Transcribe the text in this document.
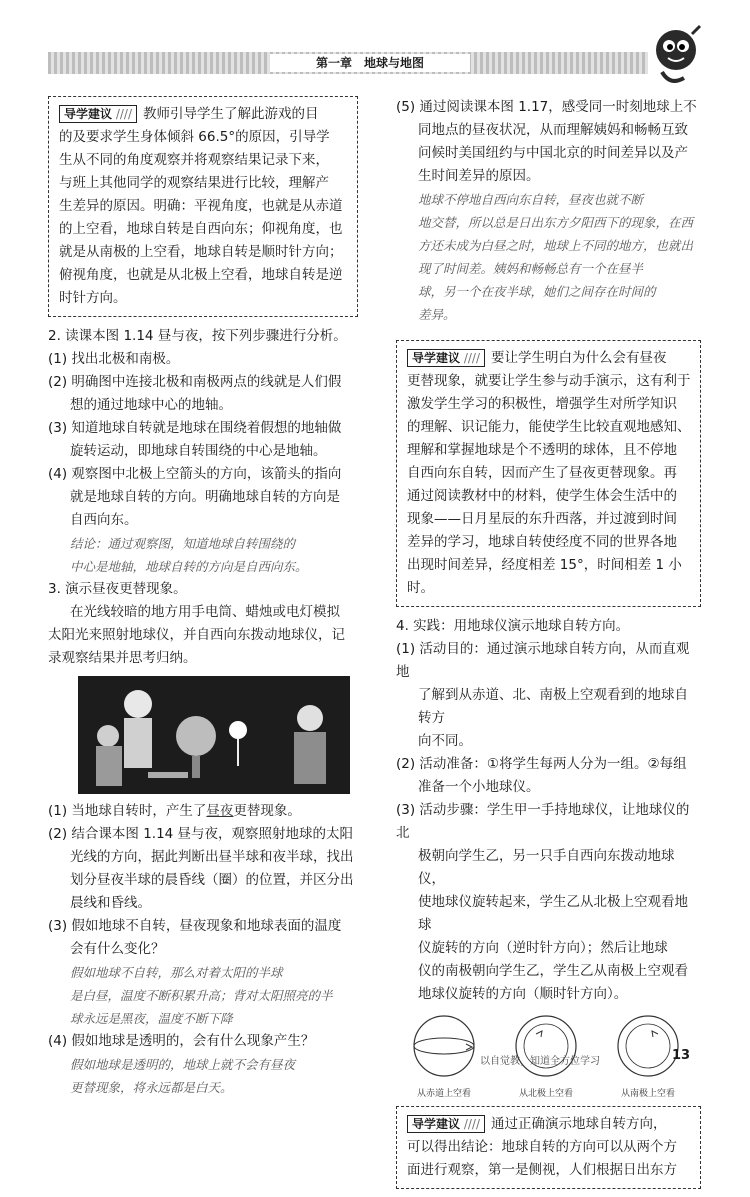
第一章　地球与地图
导学建议 //// 教师引导学生了解此游戏的目
的及要求学生身体倾斜 66.5°的原因，引导学
生从不同的角度观察并将观察结果记录下来，
与班上其他同学的观察结果进行比较，理解产
生差异的原因。明确：平视角度，也就是从赤道
的上空看，地球自转是自西向东；仰视角度，也
就是从南极的上空看，地球自转是顺时针方向；
俯视角度，也就是从北极上空看，地球自转是逆
时针方向。
2. 读课本图 1.14 昼与夜，按下列步骤进行分析。
(1) 找出北极和南极。
(2) 明确图中连接北极和南极两点的线就是人们假
想的通过地球中心的地轴。
(3) 知道地球自转就是地球在围绕着假想的地轴做
旋转运动，即地球自转围绕的中心是地轴。
(4) 观察图中北极上空箭头的方向，该箭头的指向
就是地球自转的方向。明确地球自转的方向是
自西向东。
结论：通过观察图，知道地球自转围绕的
中心是地轴，地球自转的方向是自西向东。
3. 演示昼夜更替现象。
在光线较暗的地方用手电筒、蜡烛或电灯模拟
太阳光来照射地球仪，并自西向东拨动地球仪，记
录观察结果并思考归纳。
(1) 当地球自转时，产生了昼夜更替现象。
(2) 结合课本图 1.14 昼与夜，观察照射地球的太阳
光线的方向，据此判断出昼半球和夜半球，找出
划分昼夜半球的晨昏线（圈）的位置，并区分出
晨线和昏线。
(3) 假如地球不自转，昼夜现象和地球表面的温度
会有什么变化？
假如地球不自转，那么对着太阳的半球
是白昼，温度不断积累升高；背对太阳照亮的半
球永远是黑夜，温度不断下降
(4) 假如地球是透明的，会有什么现象产生？
假如地球是透明的，地球上就不会有昼夜
更替现象，将永远都是白天。
(5) 通过阅读课本图 1.17，感受同一时刻地球上不
同地点的昼夜状况，从而理解姨妈和畅畅互致
问候时美国纽约与中国北京的时间差异以及产
生时间差异的原因。
地球不停地自西向东自转，昼夜也就不断
地交替，所以总是日出东方夕阳西下的现象，在西
方还未成为白昼之时，地球上不同的地方，也就出
现了时间差。姨妈和畅畅总有一个在昼半
球，另一个在夜半球，她们之间存在时间的
差异。
导学建议 //// 要让学生明白为什么会有昼夜
更替现象，就要让学生参与动手演示，这有利于
激发学生学习的积极性，增强学生对所学知识
的理解、识记能力，能使学生比较直观地感知、
理解和掌握地球是个不透明的球体，且不停地
自西向东自转，因而产生了昼夜更替现象。再
通过阅读教材中的材料，使学生体会生活中的
现象——日月星辰的东升西落，并过渡到时间
差异的学习，地球自转使经度不同的世界各地
出现时间差异，经度相差 15°，时间相差 1 小时。
4. 实践：用地球仪演示地球自转方向。
(1) 活动目的：通过演示地球自转方向，从而直观地
了解到从赤道、北、南极上空观看到的地球自转方
向不同。
(2) 活动准备：①将学生每两人分为一组。②每组
准备一个小地球仪。
(3) 活动步骤：学生甲一手持地球仪，让地球仪的北
极朝向学生乙，另一只手自西向东拨动地球仪，
使地球仪旋转起来，学生乙从北极上空观看地球
仪旋转的方向（逆时针方向）；然后让地球
仪的南极朝向学生乙，学生乙从南极上空观看
地球仪旋转的方向（顺时针方向）。
从赤道上空看	从北极上空看	从南极上空看
导学建议 //// 通过正确演示地球自转方向，
可以得出结论：地球自转的方向可以从两个方
面进行观察，第一是侧视，人们根据日出东方
以自觉教，知道全方位学习	13
